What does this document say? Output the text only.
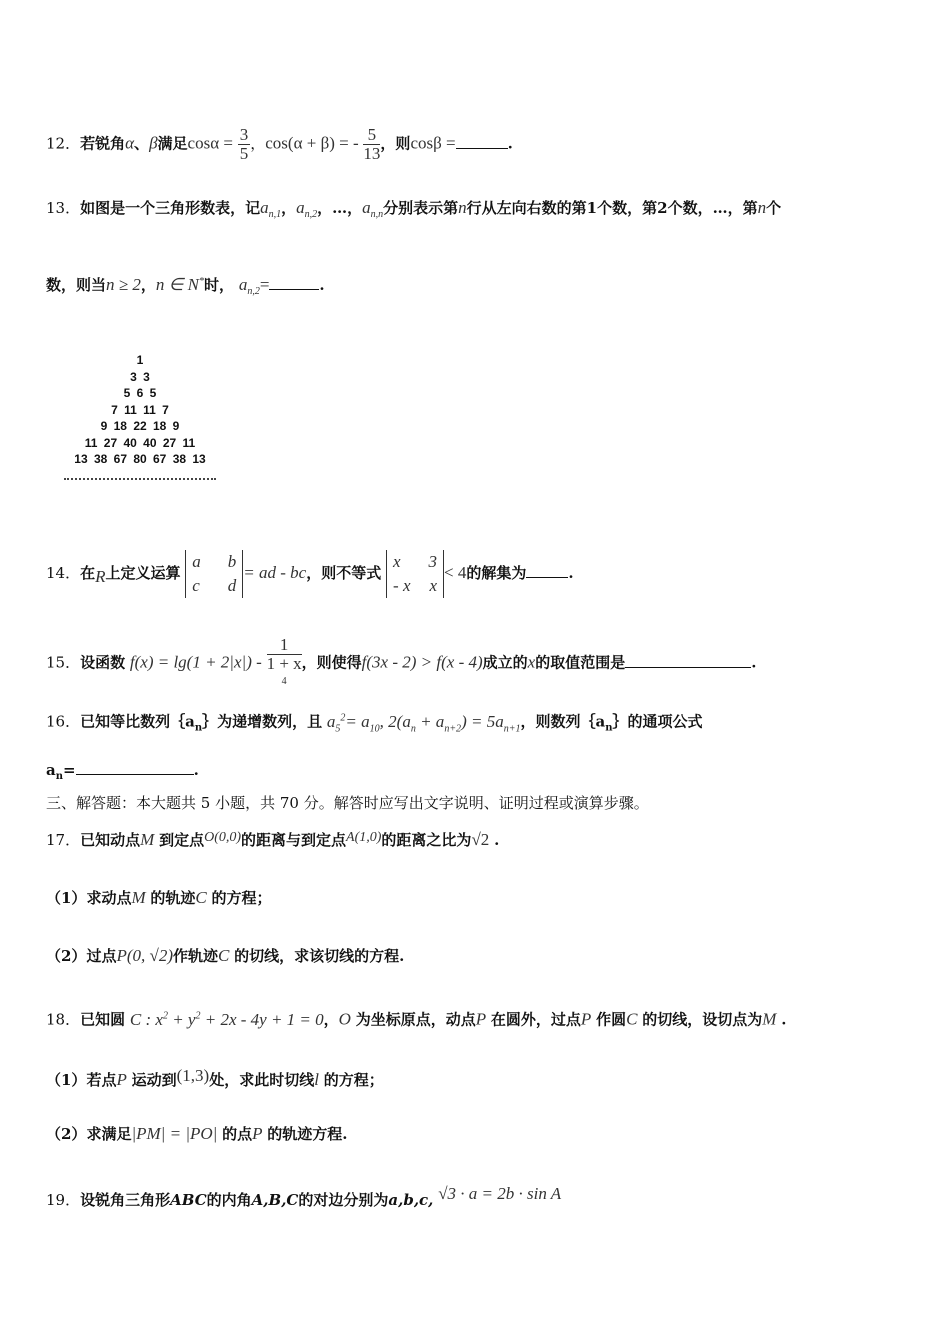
12．若锐角α、β满足$\cos\alpha = \frac{3}{5}$ ，cos(α + β) = - $\frac{5}{13}$ ，则cosβ =	.
13．如图是一个三角形数表，记$a_{n,1}$，$a_{n,2}$，…，$a_{n,n}$分别表示第n行从左向右数的第1个数，第2个数，…，第n个
数，则当n ≥ 2，n ∈ N*时， $a_{n,2}=$	.
1
3 3
5 6 5
7 11 11 7
9 18 22 18 9
11 27 40 40 27 11
13 38 67 80 67 38 13
14．在R上定义运算
a b
c d
= ad - bc，则不等式
x 3
- x x
< 4的解集为	.
15．设函数 f(x) = lg(1 + 2|x|) - 1
1 + x
4 ，则使得f(3x - 2) > f(x - 4)成立的x的取值范围是	.
16．已知等比数列$\{a_n\}$为递增数列，且 $a_5^2= a_{10}$, $2(a_n + a_{n+2}) = 5a_{n+1}$，则数列$\{a_n\}$的通项公式
$a_n=$	.
三、解答题：本大题共 5 小题，共 70 分。解答时应写出文字说明、证明过程或演算步骤。
17．已知动点M 到定点O(0,0)的距离与到定点A(1,0)的距离之比为√2 .
（1）求动点M 的轨迹C 的方程；
（2）过点P(0, √2)作轨迹C 的切线，求该切线的方程.
18．已知圆 C : $x^2 + y^2 + 2x - 4y + 1 = 0$，O 为坐标原点，动点P 在圆外，过点P 作圆C 的切线，设切点为M .
（1）若点P 运动到(1,3)处，求此时切线l 的方程；
（2）求满足|PM| = |PO| 的点P 的轨迹方程.
19．设锐角三角形ABC的内角A,B,C的对边分别为a,b,c, √3 · a = 2b · sin A
